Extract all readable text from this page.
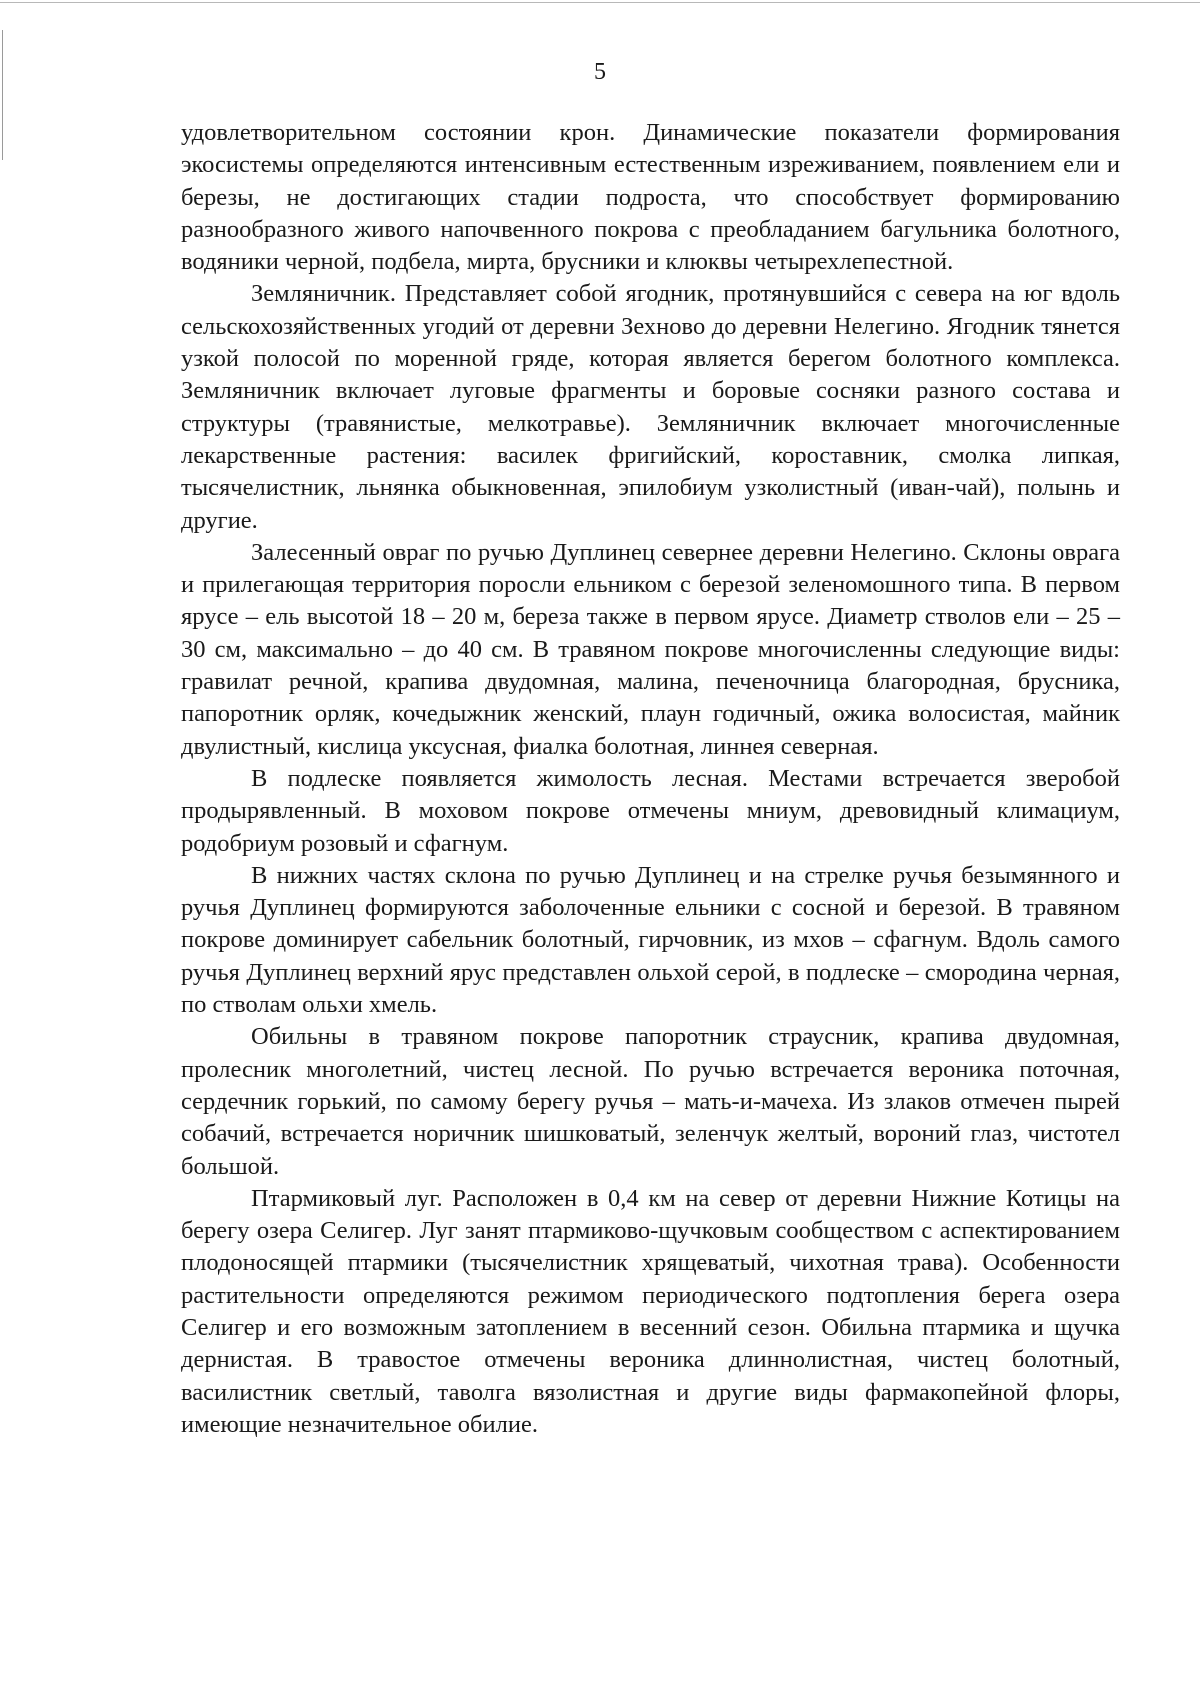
5

удовлетворительном состоянии крон. Динамические показатели формирования экосистемы определяются интенсивным естественным изреживанием, появлением ели и березы, не достигающих стадии подроста, что способствует формированию разнообразного живого напочвенного покрова с преобладанием багульника болотного, водяники черной, подбела, мирта, брусники и клюквы четырехлепестной.

Земляничник. Представляет собой ягодник, протянувшийся с севера на юг вдоль сельскохозяйственных угодий от деревни Зехново до деревни Нелегино. Ягодник тянется узкой полосой по моренной гряде, которая является берегом болотного комплекса. Земляничник включает луговые фрагменты и боровые сосняки разного состава и структуры (травянистые, мелкотравье). Земляничник включает многочисленные лекарственные растения: василек фригийский, короставник, смолка липкая, тысячелистник, льнянка обыкновенная, эпилобиум узколистный (иван-чай), полынь и другие.

Залесенный овраг по ручью Дуплинец севернее деревни Нелегино. Склоны оврага и прилегающая территория поросли ельником с березой зеленомошного типа. В первом ярусе – ель высотой 18 – 20 м, береза также в первом ярусе. Диаметр стволов ели – 25 – 30 см, максимально – до 40 см. В травяном покрове многочисленны следующие виды: гравилат речной, крапива двудомная, малина, печеночница благородная, брусника, папоротник орляк, кочедыжник женский, плаун годичный, ожика волосистая, майник двулистный, кислица уксусная, фиалка болотная, линнея северная.

В подлеске появляется жимолость лесная. Местами встречается зверобой продырявленный. В моховом покрове отмечены мниум, древовидный климациум, родобриум розовый и сфагнум.

В нижних частях склона по ручью Дуплинец и на стрелке ручья безымянного и ручья Дуплинец формируются заболоченные ельники с сосной и березой. В травяном покрове доминирует сабельник болотный, гирчовник, из мхов – сфагнум. Вдоль самого ручья Дуплинец верхний ярус представлен ольхой серой, в подлеске – смородина черная, по стволам ольхи хмель.

Обильны в травяном покрове папоротник страусник, крапива двудомная, пролесник многолетний, чистец лесной. По ручью встречается вероника поточная, сердечник горький, по самому берегу ручья – мать-и-мачеха. Из злаков отмечен пырей собачий, встречается норичник шишковатый, зеленчук желтый, вороний глаз, чистотел большой.

Птармиковый луг. Расположен в 0,4 км на север от деревни Нижние Котицы на берегу озера Селигер. Луг занят птармиково-щучковым сообществом с аспектированием плодоносящей птармики (тысячелистник хрящеватый, чихотная трава). Особенности растительности определяются режимом периодического подтопления берега озера Селигер и его возможным затоплением в весенний сезон. Обильна птармика и щучка дернистая. В травостое отмечены вероника длиннолистная, чистец болотный, василистник светлый, таволга вязолистная и другие виды фармакопейной флоры, имеющие незначительное обилие.
